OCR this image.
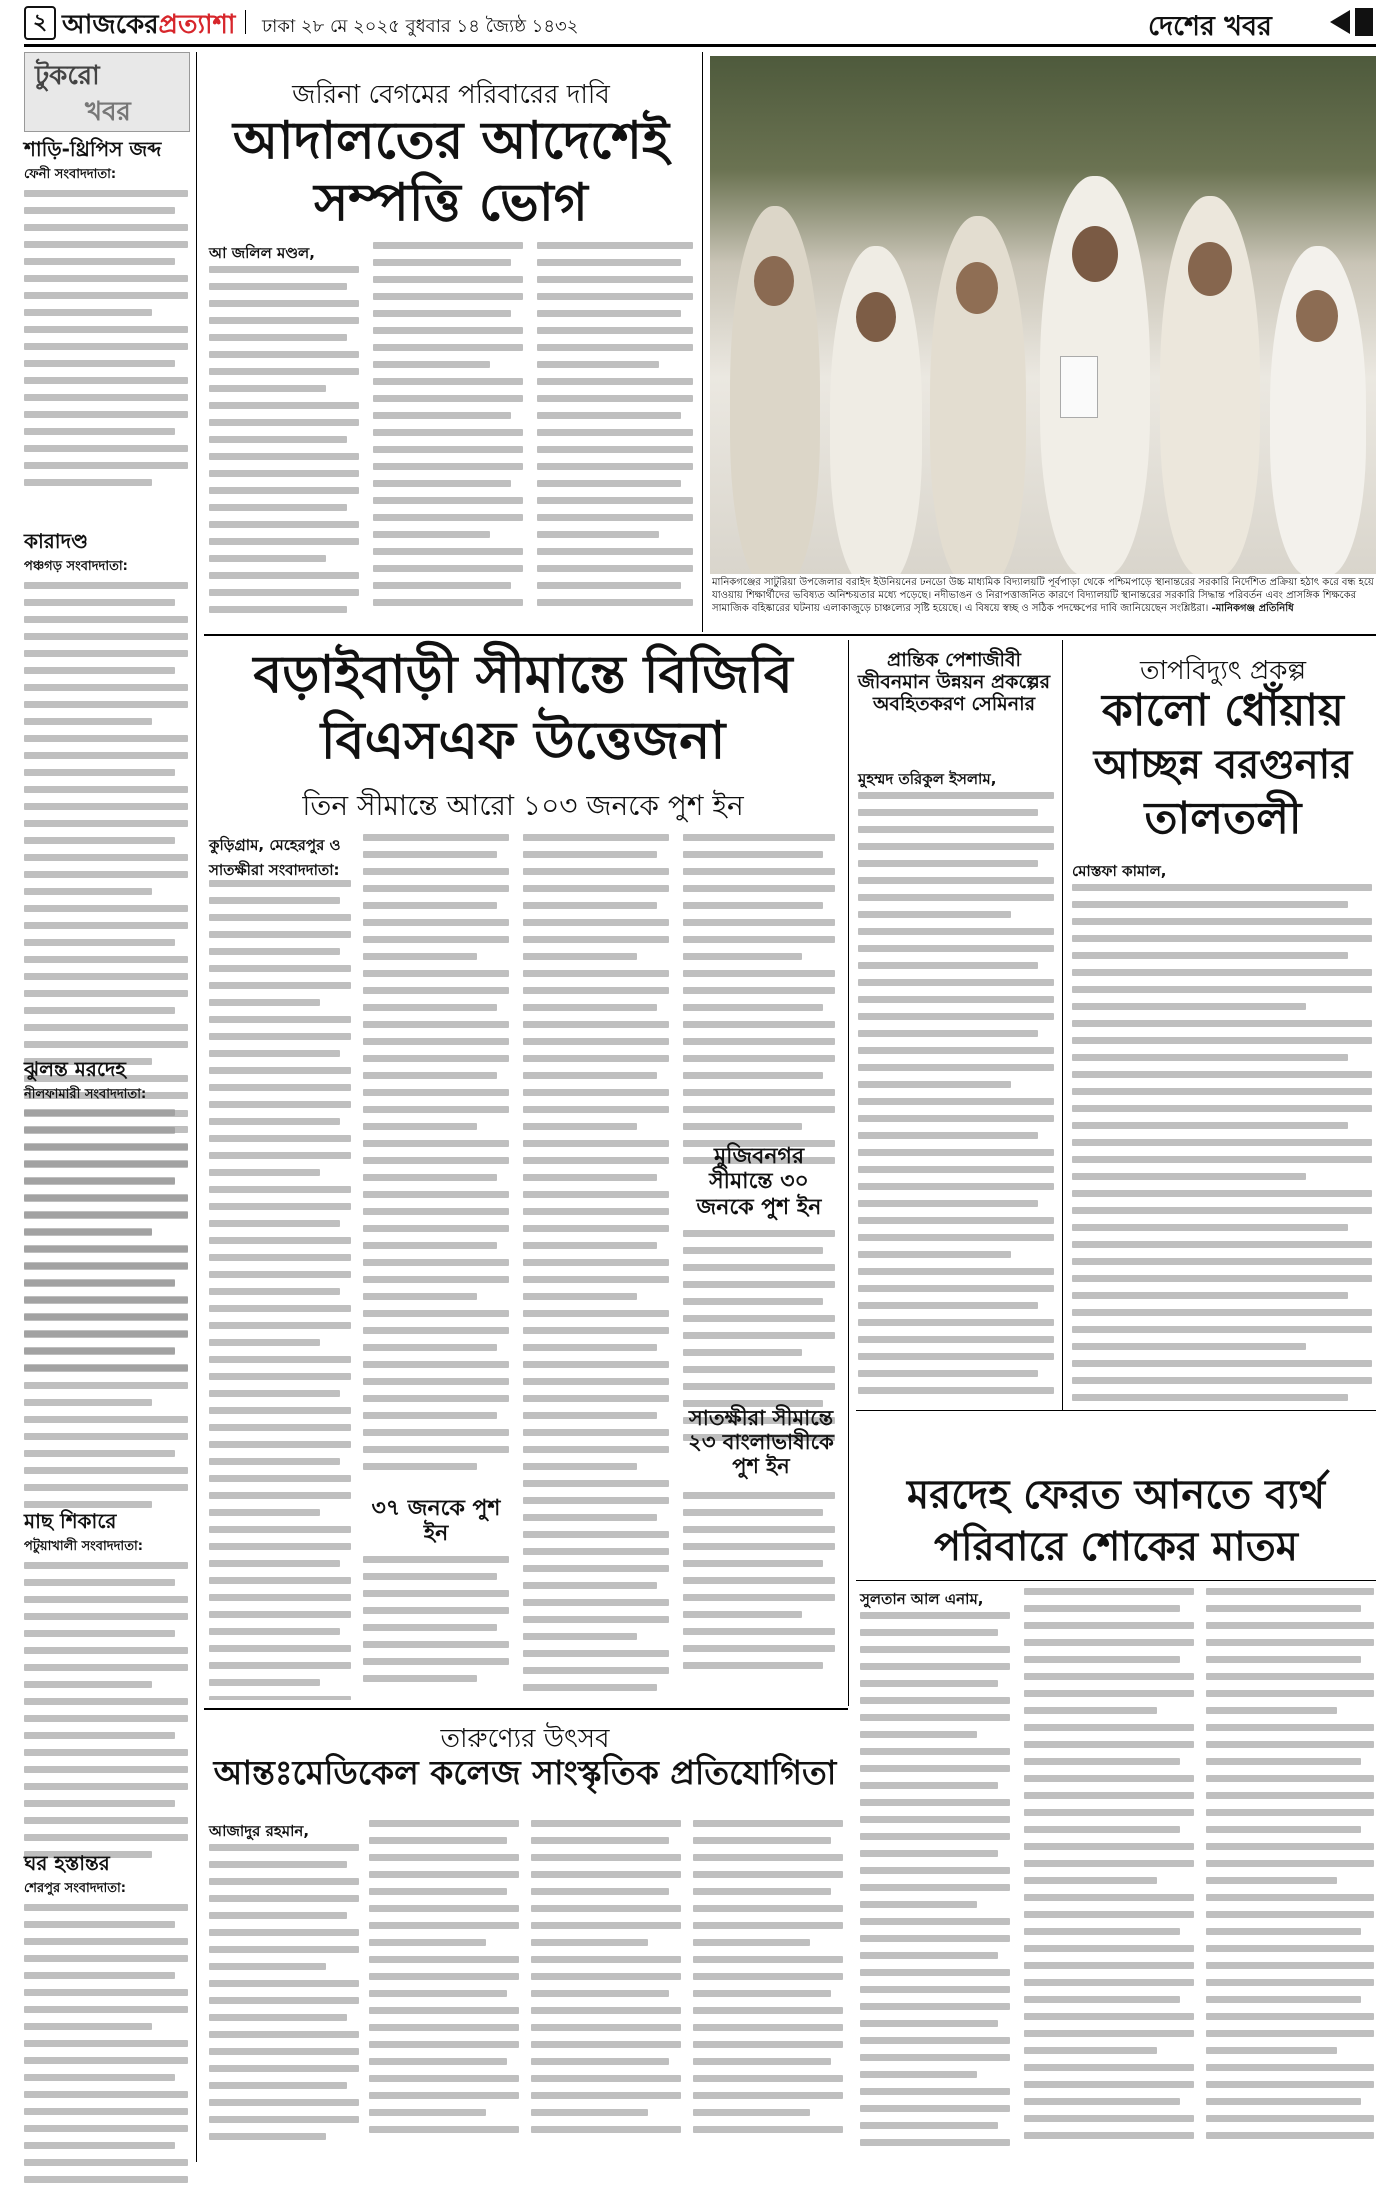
২ আজকেরপ্রত্যাশা ঢাকা ২৮ মে ২০২৫ বুধবার ১৪ জ্যৈষ্ঠ ১৪৩২	দেশের খবর
টুকরো
খবর
শাড়ি-থ্রিপিস জব্দ
ফেনী সংবাদদাতা:
কারাদণ্ড
পঞ্চগড় সংবাদদাতা:
ঝুলন্ত মরদেহ
নীলফামারী সংবাদদাতা:
মাছ শিকারে
পটুয়াখালী সংবাদদাতা:
ঘর হস্তান্তর
শেরপুর সংবাদদাতা:
জরিনা বেগমের পরিবারের দাবি
আদালতের আদেশেই
সম্পত্তি ভোগ
আ জলিল মণ্ডল,
মানিকগঞ্জের সাটুরিয়া উপজেলার বরাইদ ইউনিয়নের ঢনডো উচ্চ মাধ্যমিক বিদ্যালয়টি পূর্বপাড়া থেকে পশ্চিমপাড়ে স্থানান্তরের সরকারি নির্দেশিত প্রক্রিয়া হঠাৎ করে বন্ধ হয়ে যাওয়ায় শিক্ষার্থীদের ভবিষ্যত অনিশ্চয়তার মধ্যে পড়েছে। নদীভাঙন ও নিরাপত্তাজনিত কারণে বিদ্যালয়টি স্থানান্তরের সরকারি সিদ্ধান্ত পরিবর্তন এবং প্রাসঙ্গিক শিক্ষকের সামাজিক বহিষ্কারের ঘটনায় এলাকাজুড়ে চাঞ্চল্যের সৃষ্টি হয়েছে। এ বিষয়ে স্বচ্ছ ও সঠিক পদক্ষেপের দাবি জানিয়েছেন সংশ্লিষ্টরা। -মানিকগঞ্জ প্রতিনিধি
বড়াইবাড়ী সীমান্তে বিজিবি
বিএসএফ উত্তেজনা
তিন সীমান্তে আরো ১০৩ জনকে পুশ ইন
কুড়িগ্রাম, মেহেরপুর ও সাতক্ষীরা সংবাদদাতা:
৩৭ জনকে পুশ
ইন
মুজিবনগর
সীমান্তে ৩০
জনকে পুশ ইন
সাতক্ষীরা সীমান্তে
২৩ বাংলাভাষীকে
পুশ ইন
প্রান্তিক পেশাজীবী জীবনমান উন্নয়ন প্রকল্পের অবহিতকরণ সেমিনার
মুহম্মদ তরিকুল ইসলাম,
তাপবিদ্যুৎ প্রকল্প
কালো ধোঁয়ায়
আচ্ছন্ন বরগুনার
তালতলী
মোস্তফা কামাল,
মরদেহ ফেরত আনতে ব্যর্থ
পরিবারে শোকের মাতম
সুলতান আল এনাম,
তারুণ্যের উৎসব
আন্তঃমেডিকেল কলেজ সাংস্কৃতিক প্রতিযোগিতা
আজাদুর রহমান,
